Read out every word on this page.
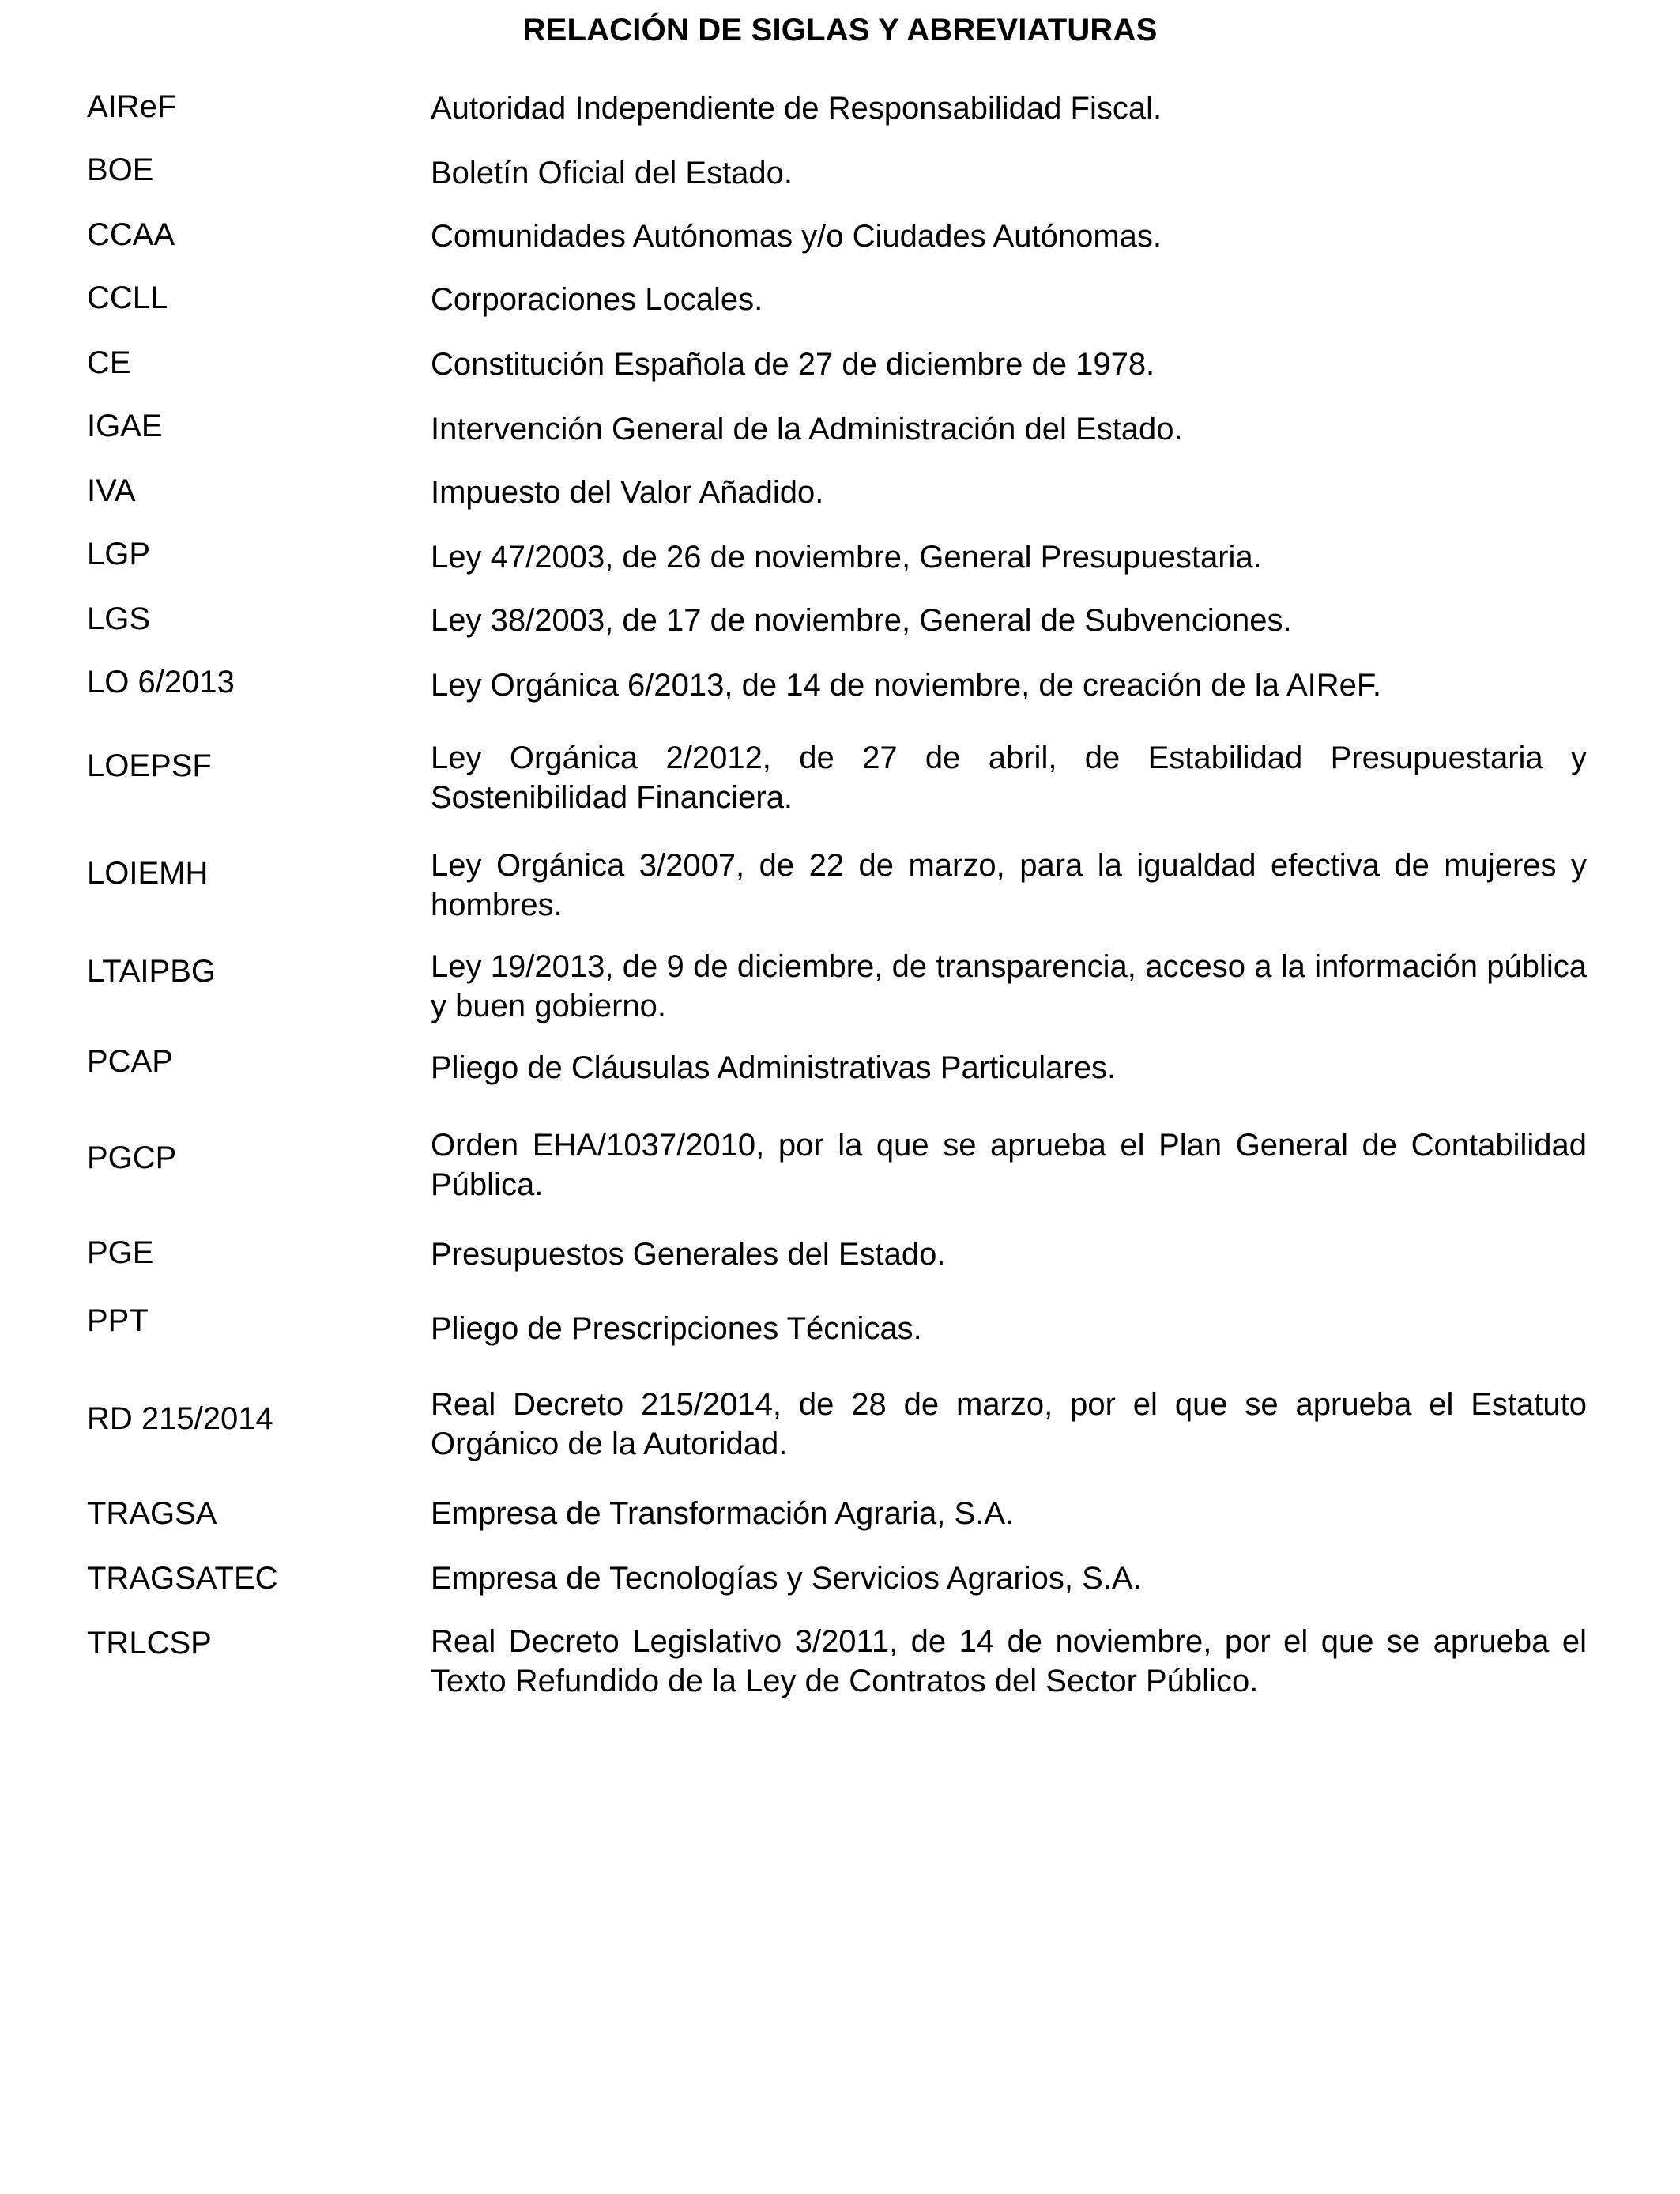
RELACIÓN DE SIGLAS Y ABREVIATURAS
AIReF	Autoridad Independiente de Responsabilidad Fiscal.
BOE	Boletín Oficial del Estado.
CCAA	Comunidades Autónomas y/o Ciudades Autónomas.
CCLL	Corporaciones Locales.
CE	Constitución Española de 27 de diciembre de 1978.
IGAE	Intervención General de la Administración del Estado.
IVA	Impuesto del Valor Añadido.
LGP	Ley 47/2003, de 26 de noviembre, General Presupuestaria.
LGS	Ley 38/2003, de 17 de noviembre, General de Subvenciones.
LO 6/2013	Ley Orgánica 6/2013, de 14 de noviembre, de creación de la AIReF.
LOEPSF	Ley Orgánica 2/2012, de 27 de abril, de Estabilidad Presupuestaria y Sostenibilidad Financiera.
LOIEMH	Ley Orgánica 3/2007, de 22 de marzo, para la igualdad efectiva de mujeres y hombres.
LTAIPBG	Ley 19/2013, de 9 de diciembre, de transparencia, acceso a la información pública y buen gobierno.
PCAP	Pliego de Cláusulas Administrativas Particulares.
PGCP	Orden EHA/1037/2010, por la que se aprueba el Plan General de Contabilidad Pública.
PGE	Presupuestos Generales del Estado.
PPT	Pliego de Prescripciones Técnicas.
RD 215/2014	Real Decreto 215/2014, de 28 de marzo, por el que se aprueba el Estatuto Orgánico de la Autoridad.
TRAGSA	Empresa de Transformación Agraria, S.A.
TRAGSATEC	Empresa de Tecnologías y Servicios Agrarios, S.A.
TRLCSP	Real Decreto Legislativo 3/2011, de 14 de noviembre, por el que se aprueba el Texto Refundido de la Ley de Contratos del Sector Público.
